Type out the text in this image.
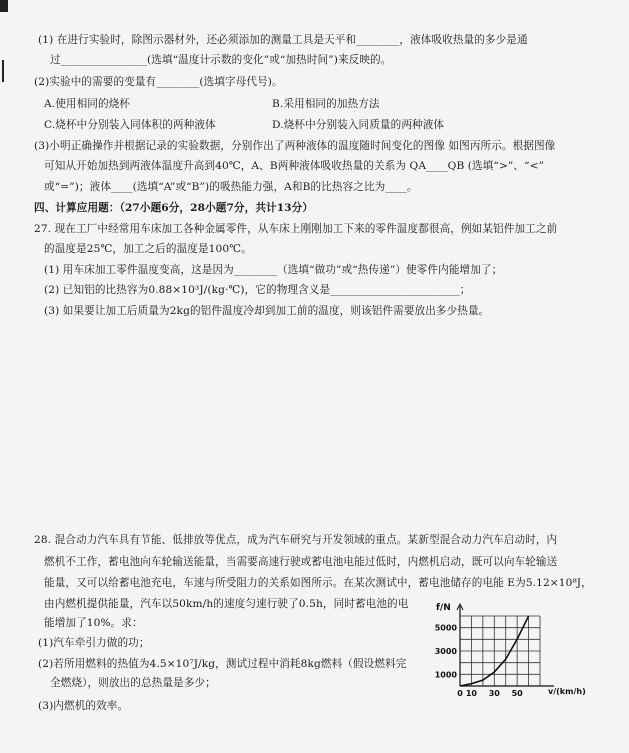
(1) 在进行实验时，除图示器材外，还必须添加的测量工具是天平和________，液体吸收热量的多少是通
过________________(选填“温度计示数的变化”或“加热时间”)来反映的。
(2)实验中的需要的变量有________(选填字母代号)。
A.使用相同的烧杯	B.采用相同的加热方法
C.烧杯中分别装入同体积的两种液体	D.烧杯中分别装入同质量的两种液体
(3)小明正确操作并根据记录的实验数据，分别作出了两种液体的温度随时间变化的图像 如图丙所示。根据图像
可知从开始加热到两液体温度升高到40℃，A、B两种液体吸收热量的关系为 QA____QB (选填“>”、“<”
或“=”)；液体____(选填“A”或“B”)的吸热能力强，A和B的比热容之比为____。
四、计算应用题：（27小题6分，28小题7分，共计13分）
27. 现在工厂中经常用车床加工各种金属零件，从车床上刚刚加工下来的零件温度都很高，例如某铝件加工之前
的温度是25℃，加工之后的温度是100℃。
(1) 用车床加工零件温度变高，这是因为________（选填“做功”或“热传递”）使零件内能增加了；
(2) 已知铝的比热容为0.88×10³J/(kg·℃)，它的物理含义是________________________；
(3) 如果要让加工后质量为2kg的铝件温度冷却到加工前的温度，则该铝件需要放出多少热量。
28. 混合动力汽车具有节能、低排放等优点，成为汽车研究与开发领域的重点。某新型混合动力汽车启动时，内
燃机不工作，蓄电池向车轮输送能量，当需要高速行驶或蓄电池电能过低时，内燃机启动，既可以向车轮输送
能量，又可以给蓄电池充电，车速与所受阻力的关系如图所示。在某次测试中，蓄电池储存的电能 E为5.12×10⁸J，
由内燃机提供能量，汽车以50km/h的速度匀速行驶了0.5h，同时蓄电池的电
能增加了10%。求：
(1)汽车牵引力做的功；
(2)若所用燃料的热值为4.5×10⁷J/kg，测试过程中消耗8kg燃料（假设燃料完
全燃烧），则放出的总热量是多少；
(3)内燃机的效率。
1000
3000
5000
0 10 30 50
f/N
v/(km/h)
